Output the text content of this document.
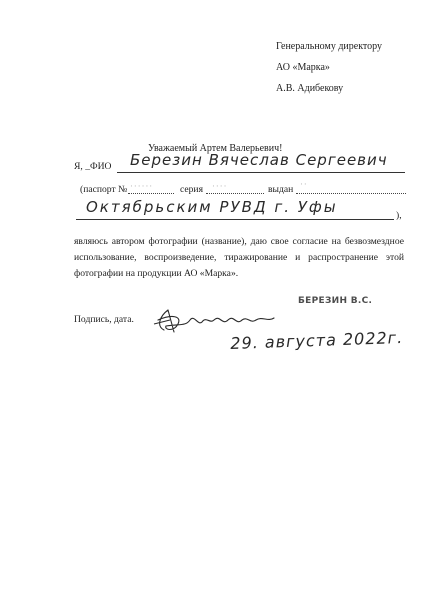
Генеральному директору
АО «Марка»
А.В. Адибекову
Уважаемый Артем Валерьевич!
Я, _ФИО Березин Вячеслав Сергеевич
(паспорт № ······	серия ····	выдан ··
Октябрьским РУВД г. Уфы	),
являюсь автором фотографии (название), даю свое согласие на безвозмездное использование, воспроизведение, тиражирование и распространение этой фотографии на продукции АО «Марка».
Подпись, дата.
БЕРЕЗИН В.С.
29. августа 2022г.
